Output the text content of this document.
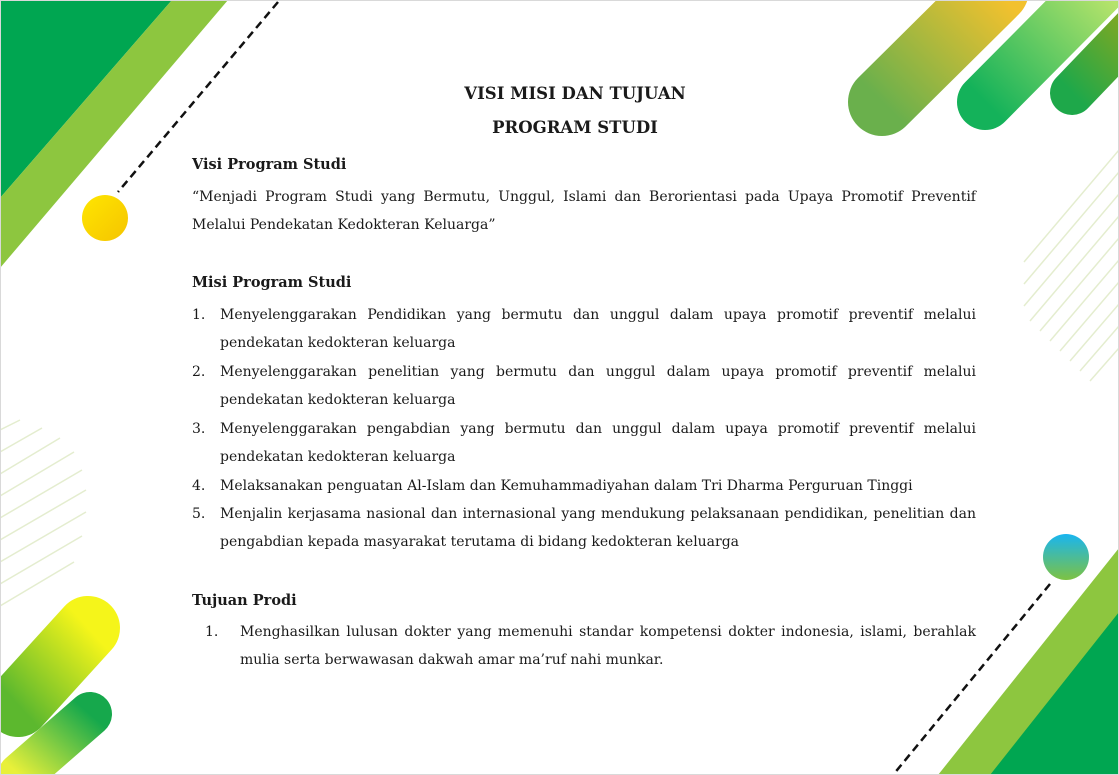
VISI MISI DAN TUJUAN
PROGRAM STUDI
Visi Program Studi
“Menjadi Program Studi yang Bermutu, Unggul, Islami dan Berorientasi pada Upaya Promotif Preventif Melalui Pendekatan Kedokteran Keluarga”
Misi Program Studi
1. Menyelenggarakan Pendidikan yang bermutu dan unggul dalam upaya promotif preventif melalui pendekatan kedokteran keluarga
2. Menyelenggarakan penelitian yang bermutu dan unggul dalam upaya promotif preventif melalui pendekatan kedokteran keluarga
3. Menyelenggarakan pengabdian yang bermutu dan unggul dalam upaya promotif preventif melalui pendekatan kedokteran keluarga
4. Melaksanakan penguatan Al-Islam dan Kemuhammadiyahan dalam Tri Dharma Perguruan Tinggi
5. Menjalin kerjasama nasional dan internasional yang mendukung pelaksanaan pendidikan, penelitian dan pengabdian kepada masyarakat terutama di bidang kedokteran keluarga
Tujuan Prodi
1. Menghasilkan lulusan dokter yang memenuhi standar kompetensi dokter indonesia, islami, berahlak mulia serta berwawasan dakwah amar ma’ruf nahi munkar.
